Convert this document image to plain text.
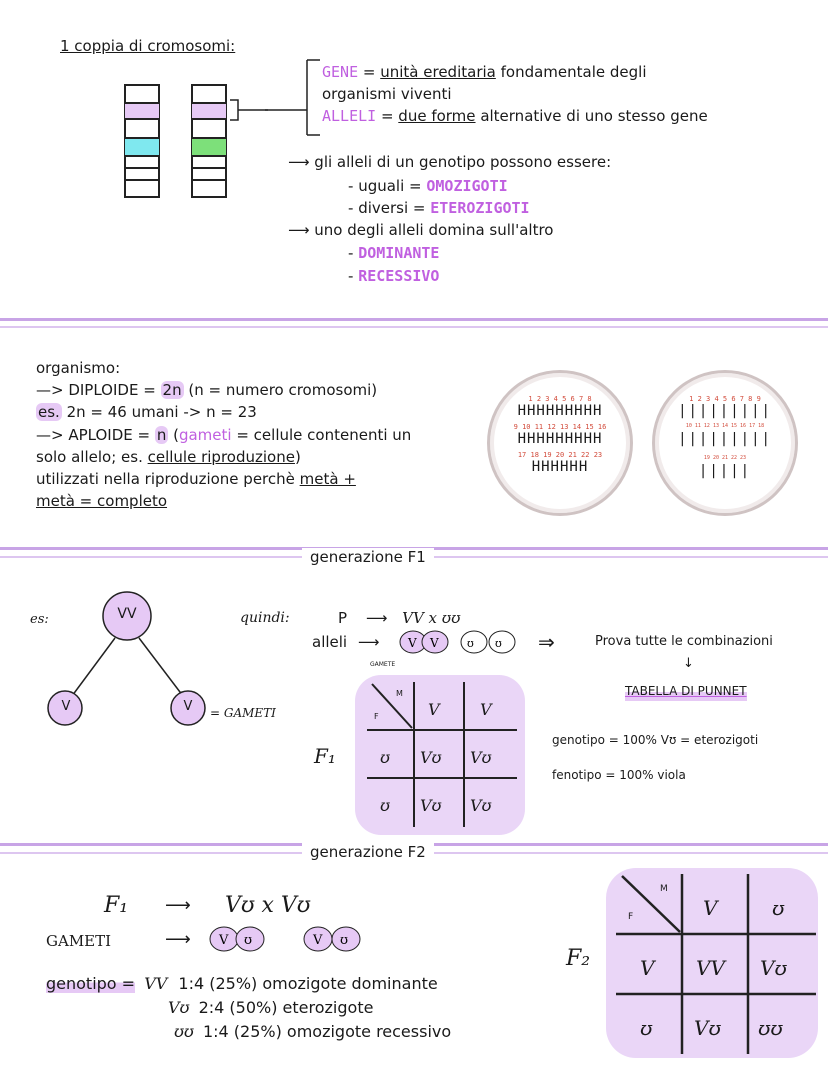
1 coppia di cromosomi:
GENE = unità ereditaria fondamentale degli
organismi viventi
ALLELI = due forme alternative di uno stesso gene
⟶ gli alleli di un genotipo possono essere:
- uguali = OMOZIGOTI
- diversi = ETEROZIGOTI
⟶ uno degli alleli domina sull'altro
- DOMINANTE
- RECESSIVO
organismo:
—> DIPLOIDE = 2n (n = numero cromosomi)
es. 2n = 46 umani -> n = 23
—> APLOIDE = n (gameti = cellule contenenti un
solo allelo; es. cellule riproduzione)
utilizzati nella riproduzione perchè metà +
metà = completo
1 2 3 4 5 6 7 8
ННННННННН
9 10 11 12 13 14 15 16
ННННННННН
17 18 19 20 21 22 23
НННННН
1 2 3 4 5 6 7 8 9
|||||||||
10 11 12 13 14 15 16 17 18
|||||||||
19 20 21 22 23
|||||
generazione F1
es:	VV
V	V	= GAMETI
quindi:	P ⟶ VV x ʊʊ
alleli ⟶ V V	ʊ ʊ
GAMETE
⇒	Prova tutte le combinazioni
↓
TABELLA DI PUNNET
M
F	V	V
ʊ Vʊ Vʊ
ʊ Vʊ Vʊ
F₁
genotipo = 100% Vʊ = eterozigoti
fenotipo = 100% viola
generazione F2
F₁ ⟶ Vʊ x Vʊ
GAMETI	⟶ V ʊ	V ʊ
genotipo = VV 1:4 (25%) omozigote dominante
Vʊ 2:4 (50%) eterozigote
ʊʊ 1:4 (25%) omozigote recessivo
M
F	V	ʊ
V VV Vʊ
ʊ Vʊ ʊʊ
F₂
